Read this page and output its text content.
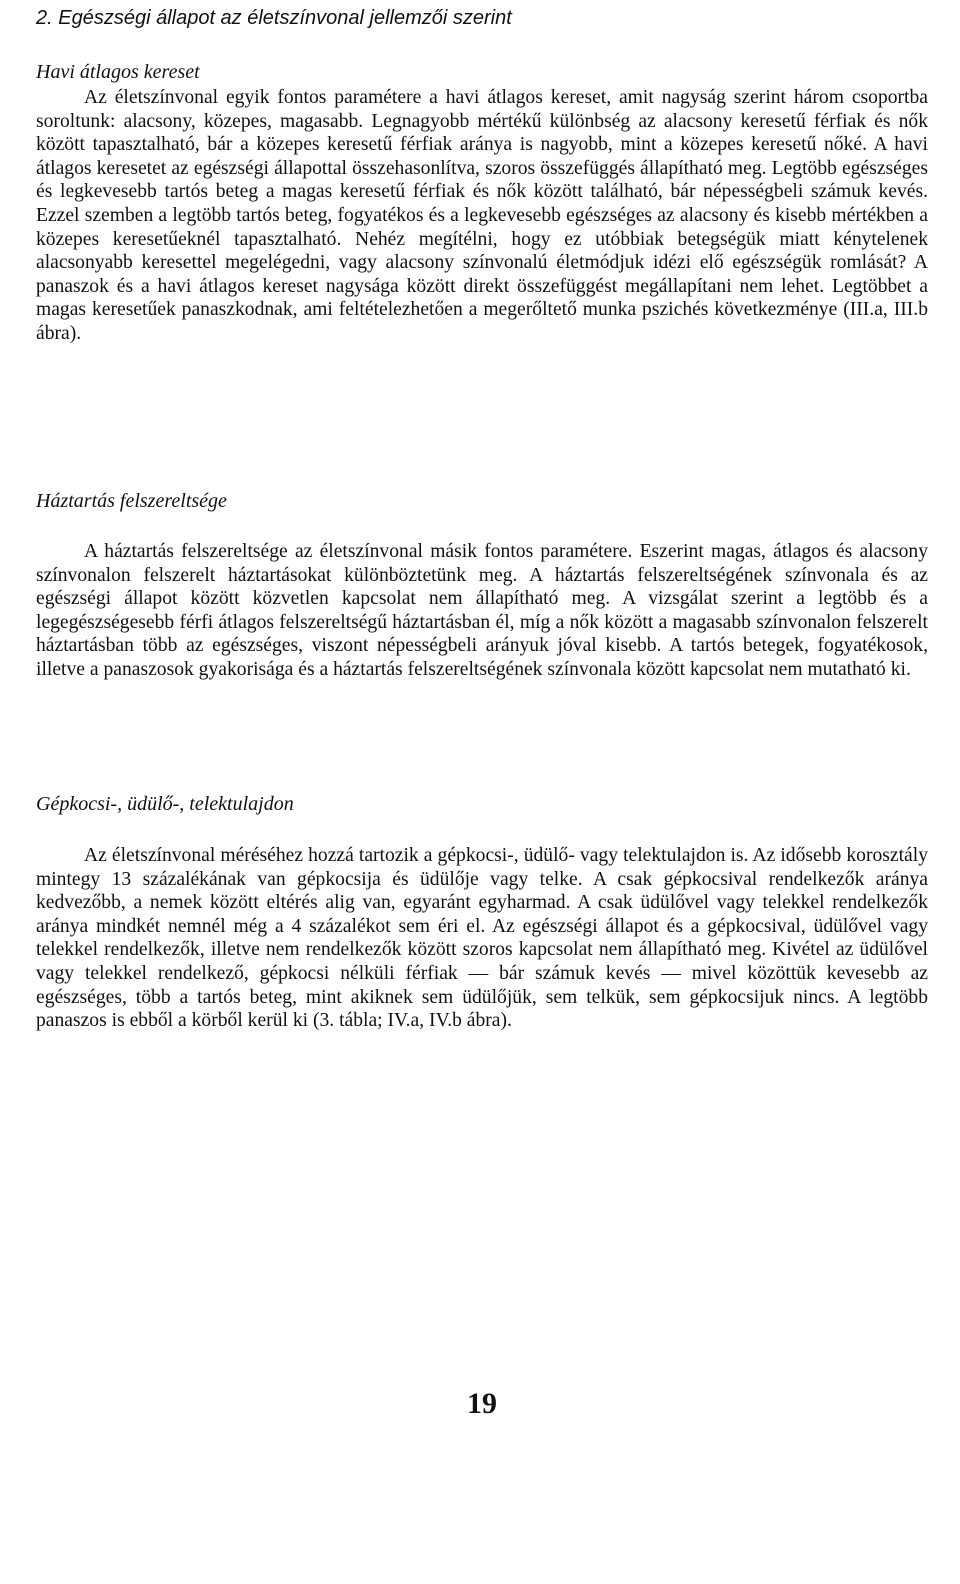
2. Egészségi állapot az életszínvonal jellemzői szerint
Havi átlagos kereset

Az életszínvonal egyik fontos paramétere a havi átlagos kereset, amit nagyság szerint három csoportba soroltunk: alacsony, közepes, magasabb. Legnagyobb mértékű különbség az alacsony keresetű férfiak és nők között tapasztalható, bár a közepes keresetű férfiak aránya is nagyobb, mint a közepes keresetű nőké. A havi átlagos keresetet az egészségi állapottal összehasonlítva, szoros összefüggés állapítható meg. Legtöbb egészséges és legkevesebb tartós beteg a magas keresetű férfiak és nők között található, bár népességbeli számuk kevés. Ezzel szemben a legtöbb tartós beteg, fogyatékos és a legkevesebb egészséges az alacsony és kisebb mértékben a közepes keresetűeknél tapasztalható. Nehéz megítélni, hogy ez utóbbiak betegségük miatt kénytelenek alacsonyabb keresettel megelégedni, vagy alacsony színvonalú életmódjuk idézi elő egészségük romlását? A panaszok és a havi átlagos kereset nagysága között direkt összefüggést megállapítani nem lehet. Legtöbbet a magas keresetűek panaszkodnak, ami feltételezhetően a megerőltető munka pszichés következménye (III.a, III.b ábra).

Háztartás felszereltsége

A háztartás felszereltsége az életszínvonal másik fontos paramétere. Eszerint magas, átlagos és alacsony színvonalon felszerelt háztartásokat különböztetünk meg. A háztartás felszereltségének színvonala és az egészségi állapot között közvetlen kapcsolat nem állapítható meg. A vizsgálat szerint a legtöbb és a legegészségesebb férfi átlagos felszereltségű háztartásban él, míg a nők között a magasabb színvonalon felszerelt háztartásban több az egészséges, viszont népességbeli arányuk jóval kisebb. A tartós betegek, fogyatékosok, illetve a panaszosok gyakorisága és a háztartás felszereltségének színvonala között kapcsolat nem mutatható ki.

Gépkocsi-, üdülő-, telektulajdon

Az életszínvonal méréséhez hozzá tartozik a gépkocsi-, üdülő- vagy telektulajdon is. Az idősebb korosztály mintegy 13 százalékának van gépkocsija és üdülője vagy telke. A csak gépkocsival rendelkezők aránya kedvezőbb, a nemek között eltérés alig van, egyaránt egyharmad. A csak üdülővel vagy telekkel rendelkezők aránya mindkét nemnél még a 4 százalékot sem éri el. Az egészségi állapot és a gépkocsival, üdülővel vagy telekkel rendelkezők, illetve nem rendelkezők között szoros kapcsolat nem állapítható meg. Kivétel az üdülővel vagy telekkel rendelkező, gépkocsi nélküli férfiak — bár számuk kevés — mivel közöttük kevesebb az egészséges, több a tartós beteg, mint akiknek sem üdülőjük, sem telkük, sem gépkocsijuk nincs. A legtöbb panaszos is ebből a körből kerül ki (3. tábla; IV.a, IV.b ábra).

19
